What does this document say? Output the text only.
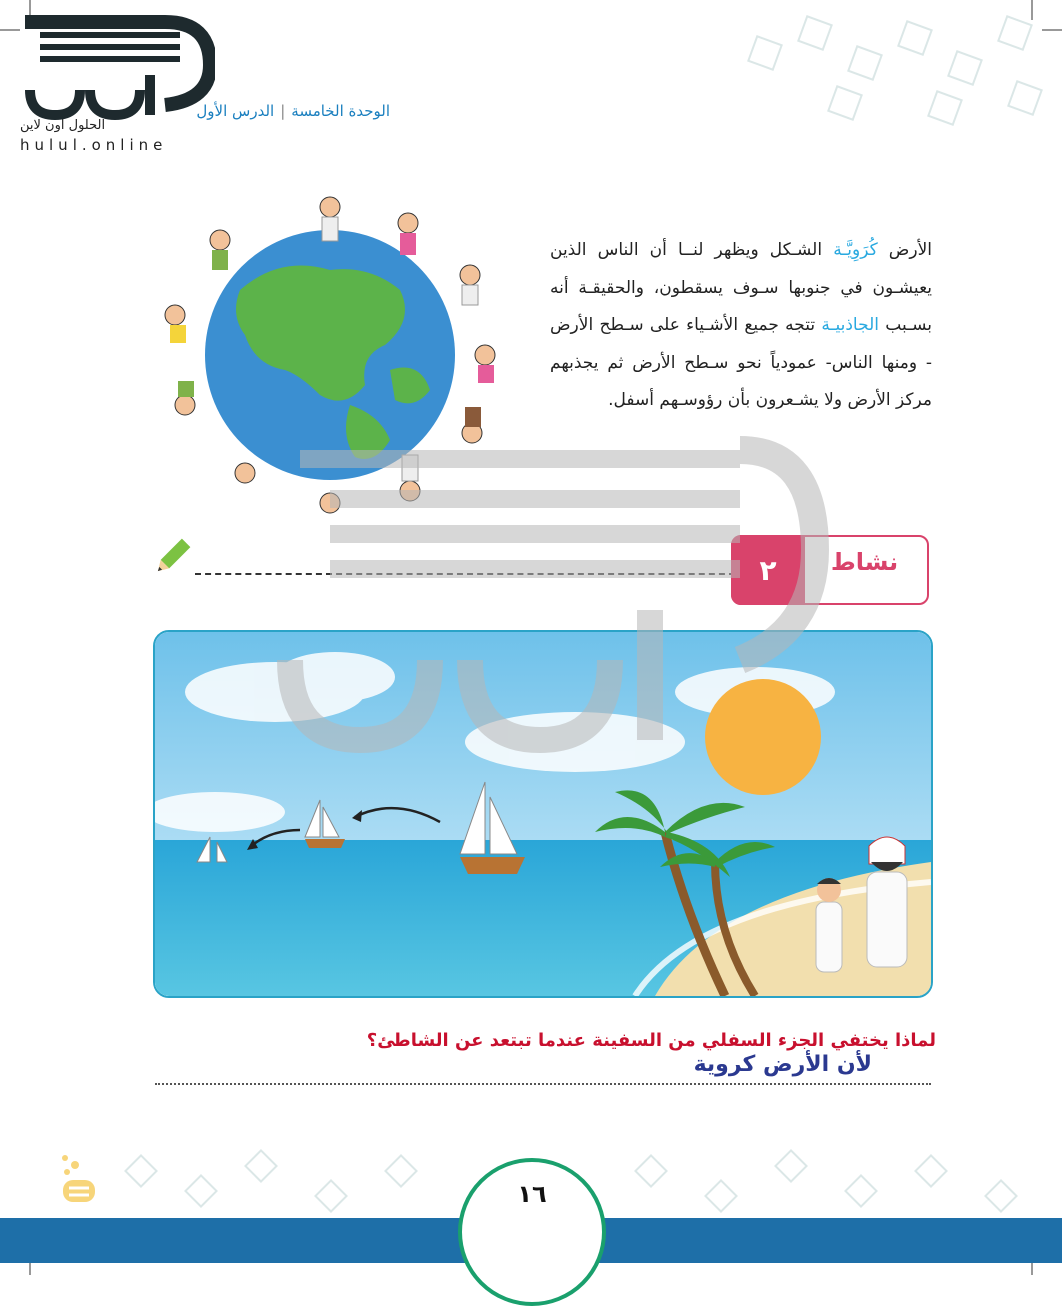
الحلول اون لاين
hulul.online
الوحدة الخامسة|الدرس الأول
الأرض كُرَوِيَّـة الشـكل ويظهر لنــا أن الناس الذين يعيشـون في جنوبها سـوف يسقطون، والحقيقـة أنه بسـبب الجاذبيـة تتجه جميع الأشـياء على سـطح الأرض - ومنها الناس- عمودياً نحو سـطح الأرض ثم يجذبهم مركز الأرض ولا يشـعرون بأن رؤوسـهم أسفل.
٢	نشاط
لماذا يختفي الجزء السفلي من السفينة عندما تبتعد عن الشاطئ؟
لأن الأرض كروية
١٦
